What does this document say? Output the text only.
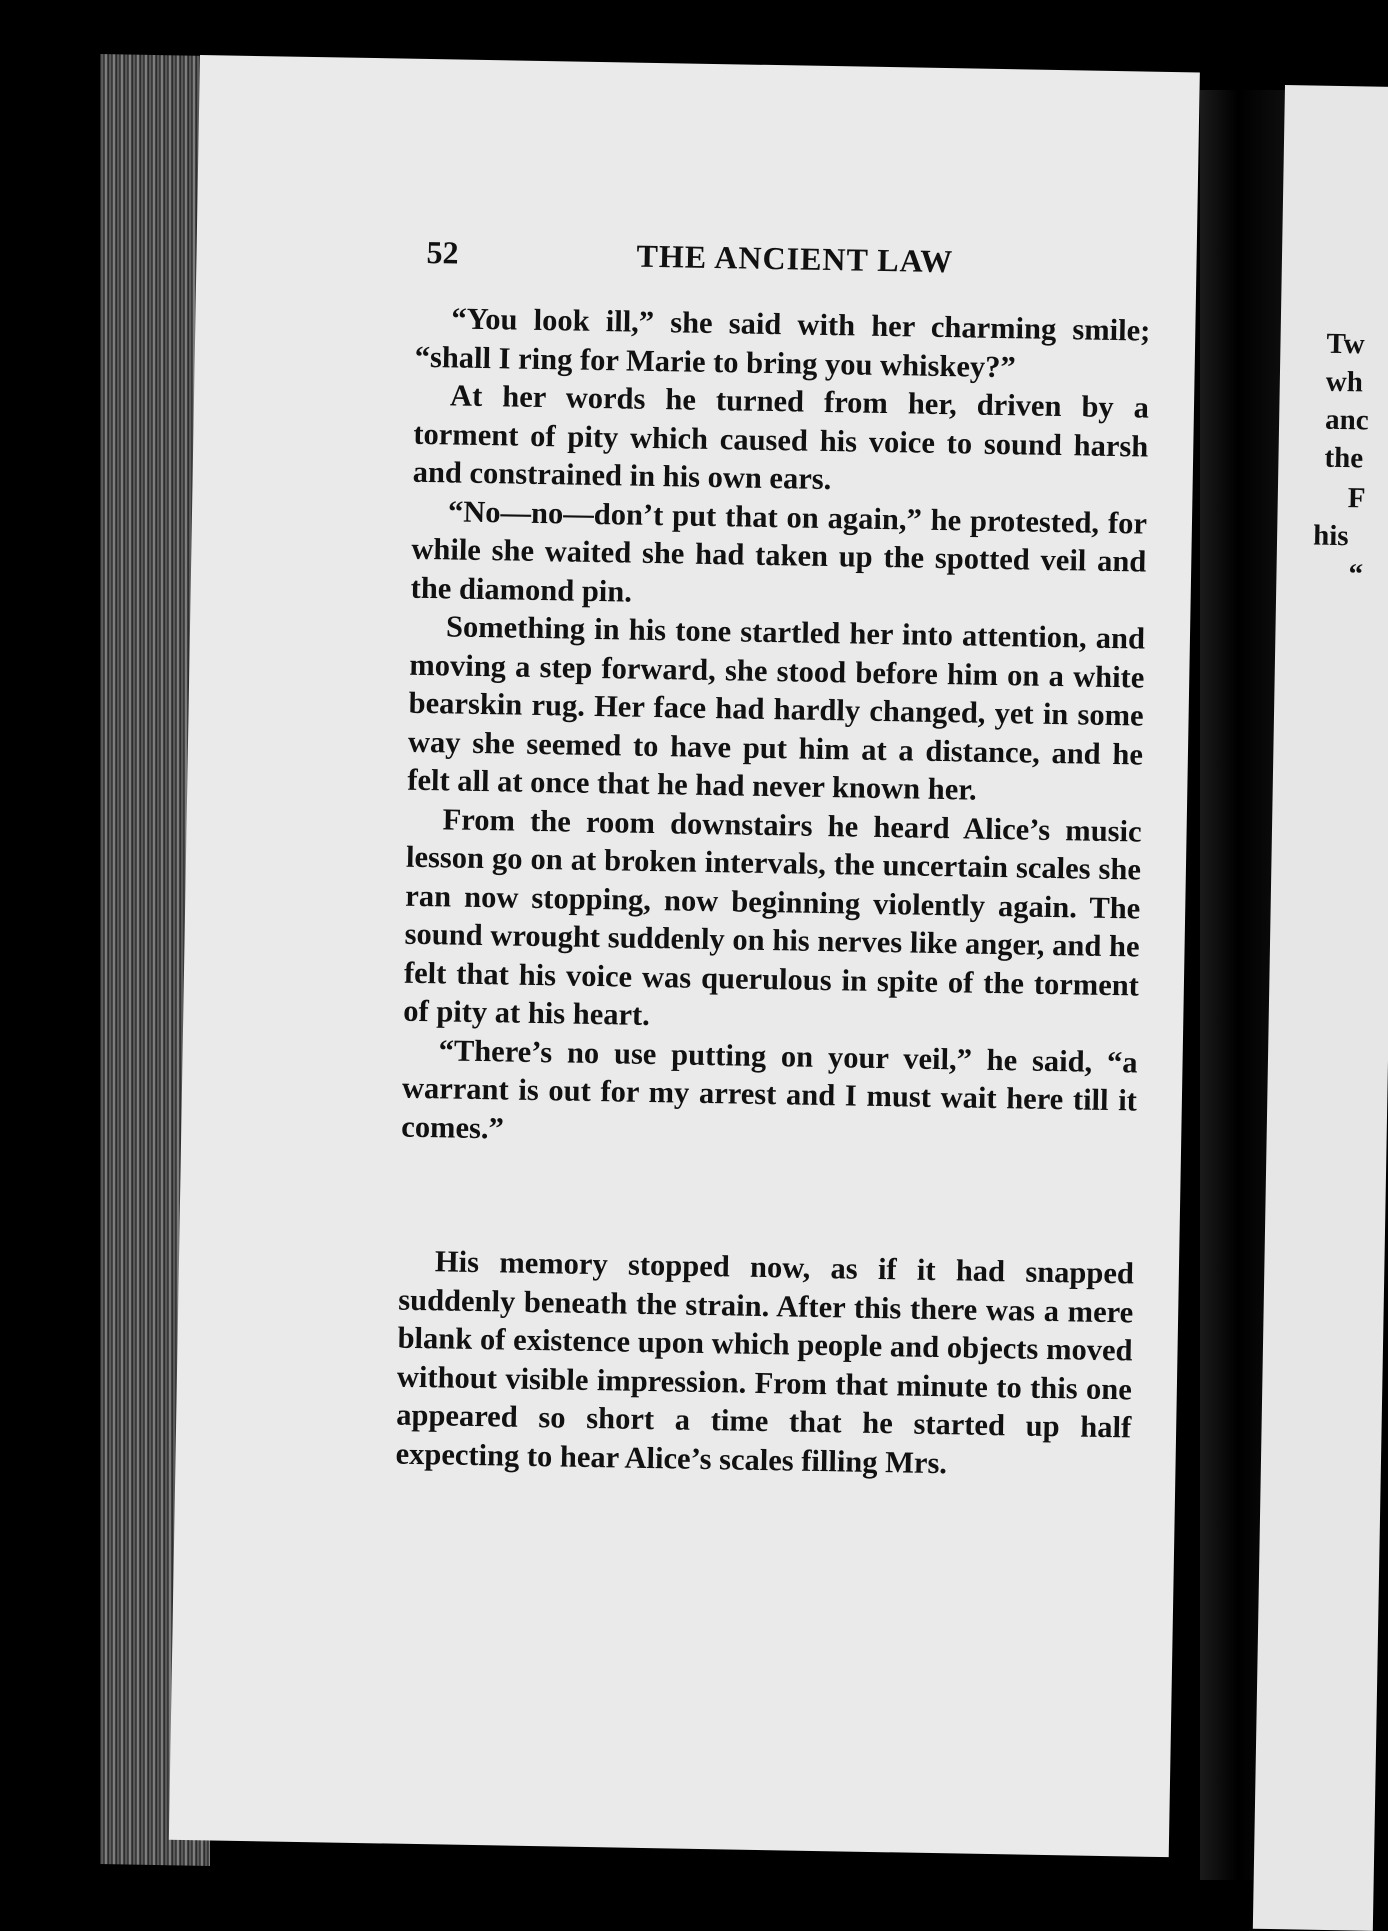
52	THE ANCIENT LAW

“You look ill,” she said with her charming smile; “shall I ring for Marie to bring you whiskey?”

At her words he turned from her, driven by a torment of pity which caused his voice to sound harsh and constrained in his own ears.

“No—no—don’t put that on again,” he protested, for while she waited she had taken up the spotted veil and the diamond pin.

Something in his tone startled her into attention, and moving a step forward, she stood before him on a white bearskin rug. Her face had hardly changed, yet in some way she seemed to have put him at a distance, and he felt all at once that he had never known her.

From the room downstairs he heard Alice’s music lesson go on at broken intervals, the uncertain scales she ran now stopping, now beginning violently again. The sound wrought suddenly on his nerves like anger, and he felt that his voice was querulous in spite of the torment of pity at his heart.

“There’s no use putting on your veil,” he said, “a warrant is out for my arrest and I must wait here till it comes.”

His memory stopped now, as if it had snapped suddenly beneath the strain. After this there was a mere blank of existence upon which people and objects moved without visible impression. From that minute to this one appeared so short a time that he started up half expecting to hear Alice’s scales filling Mrs.

Tw
wh
anc
the
F
his
“
